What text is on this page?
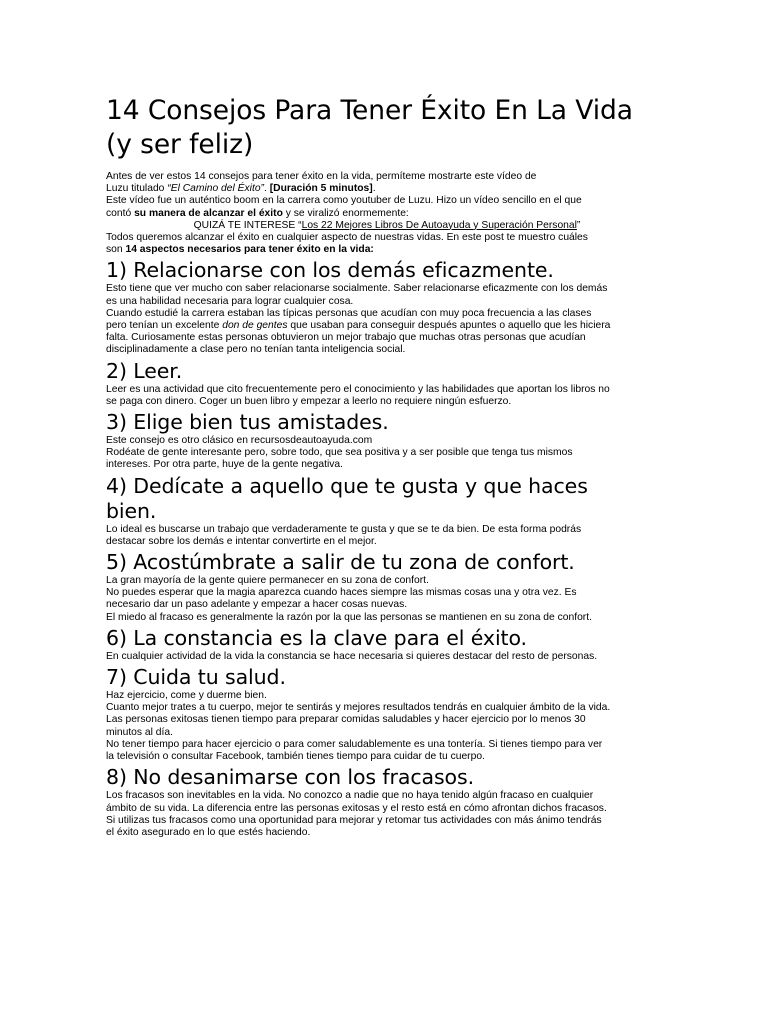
14 Consejos Para Tener Éxito En La Vida
(y ser feliz)

Antes de ver estos 14 consejos para tener éxito en la vida, permíteme mostrarte este vídeo de

Luzu titulado “El Camino del Éxito”. [Duración 5 minutos].

Este vídeo fue un auténtico boom en la carrera como youtuber de Luzu. Hizo un vídeo sencillo en el que

contó su manera de alcanzar el éxito y se viralizó enormemente:

QUIZÁ TE INTERESE “Los 22 Mejores Libros De Autoayuda y Superación Personal”

Todos queremos alcanzar el éxito en cualquier aspecto de nuestras vidas. En este post te muestro cuáles

son 14 aspectos necesarios para tener éxito en la vida:

1) Relacionarse con los demás eficazmente.

Esto tiene que ver mucho con saber relacionarse socialmente. Saber relacionarse eficazmente con los demás

es una habilidad necesaria para lograr cualquier cosa.

Cuando estudié la carrera estaban las típicas personas que acudían con muy poca frecuencia a las clases

pero tenían un excelente don de gentes que usaban para conseguir después apuntes o aquello que les hiciera

falta. Curiosamente estas personas obtuvieron un mejor trabajo que muchas otras personas que acudían

disciplinadamente a clase pero no tenían tanta inteligencia social.

2) Leer.

Leer es una actividad que cito frecuentemente pero el conocimiento y las habilidades que aportan los libros no

se paga con dinero. Coger un buen libro y empezar a leerlo no requiere ningún esfuerzo.

3) Elige bien tus amistades.

Este consejo es otro clásico en recursosdeautoayuda.com

Rodéate de gente interesante pero, sobre todo, que sea positiva y a ser posible que tenga tus mismos

intereses. Por otra parte, huye de la gente negativa.

4) Dedícate a aquello que te gusta y que haces
bien.

Lo ideal es buscarse un trabajo que verdaderamente te gusta y que se te da bien. De esta forma podrás

destacar sobre los demás e intentar convertirte en el mejor.

5) Acostúmbrate a salir de tu zona de confort.

La gran mayoría de la gente quiere permanecer en su zona de confort.

No puedes esperar que la magia aparezca cuando haces siempre las mismas cosas una y otra vez. Es

necesario dar un paso adelante y empezar a hacer cosas nuevas.

El miedo al fracaso es generalmente la razón por la que las personas se mantienen en su zona de confort.

6) La constancia es la clave para el éxito.

En cualquier actividad de la vida la constancia se hace necesaria si quieres destacar del resto de personas.

7) Cuida tu salud.

Haz ejercicio, come y duerme bien.

Cuanto mejor trates a tu cuerpo, mejor te sentirás y mejores resultados tendrás en cualquier ámbito de la vida.

Las personas exitosas tienen tiempo para preparar comidas saludables y hacer ejercicio por lo menos 30

minutos al día.

No tener tiempo para hacer ejercicio o para comer saludablemente es una tontería. Si tienes tiempo para ver

la televisión o consultar Facebook, también tienes tiempo para cuidar de tu cuerpo.

8) No desanimarse con los fracasos.

Los fracasos son inevitables en la vida. No conozco a nadie que no haya tenido algún fracaso en cualquier

ámbito de su vida. La diferencia entre las personas exitosas y el resto está en cómo afrontan dichos fracasos.

Si utilizas tus fracasos como una oportunidad para mejorar y retomar tus actividades con más ánimo tendrás

el éxito asegurado en lo que estés haciendo.
